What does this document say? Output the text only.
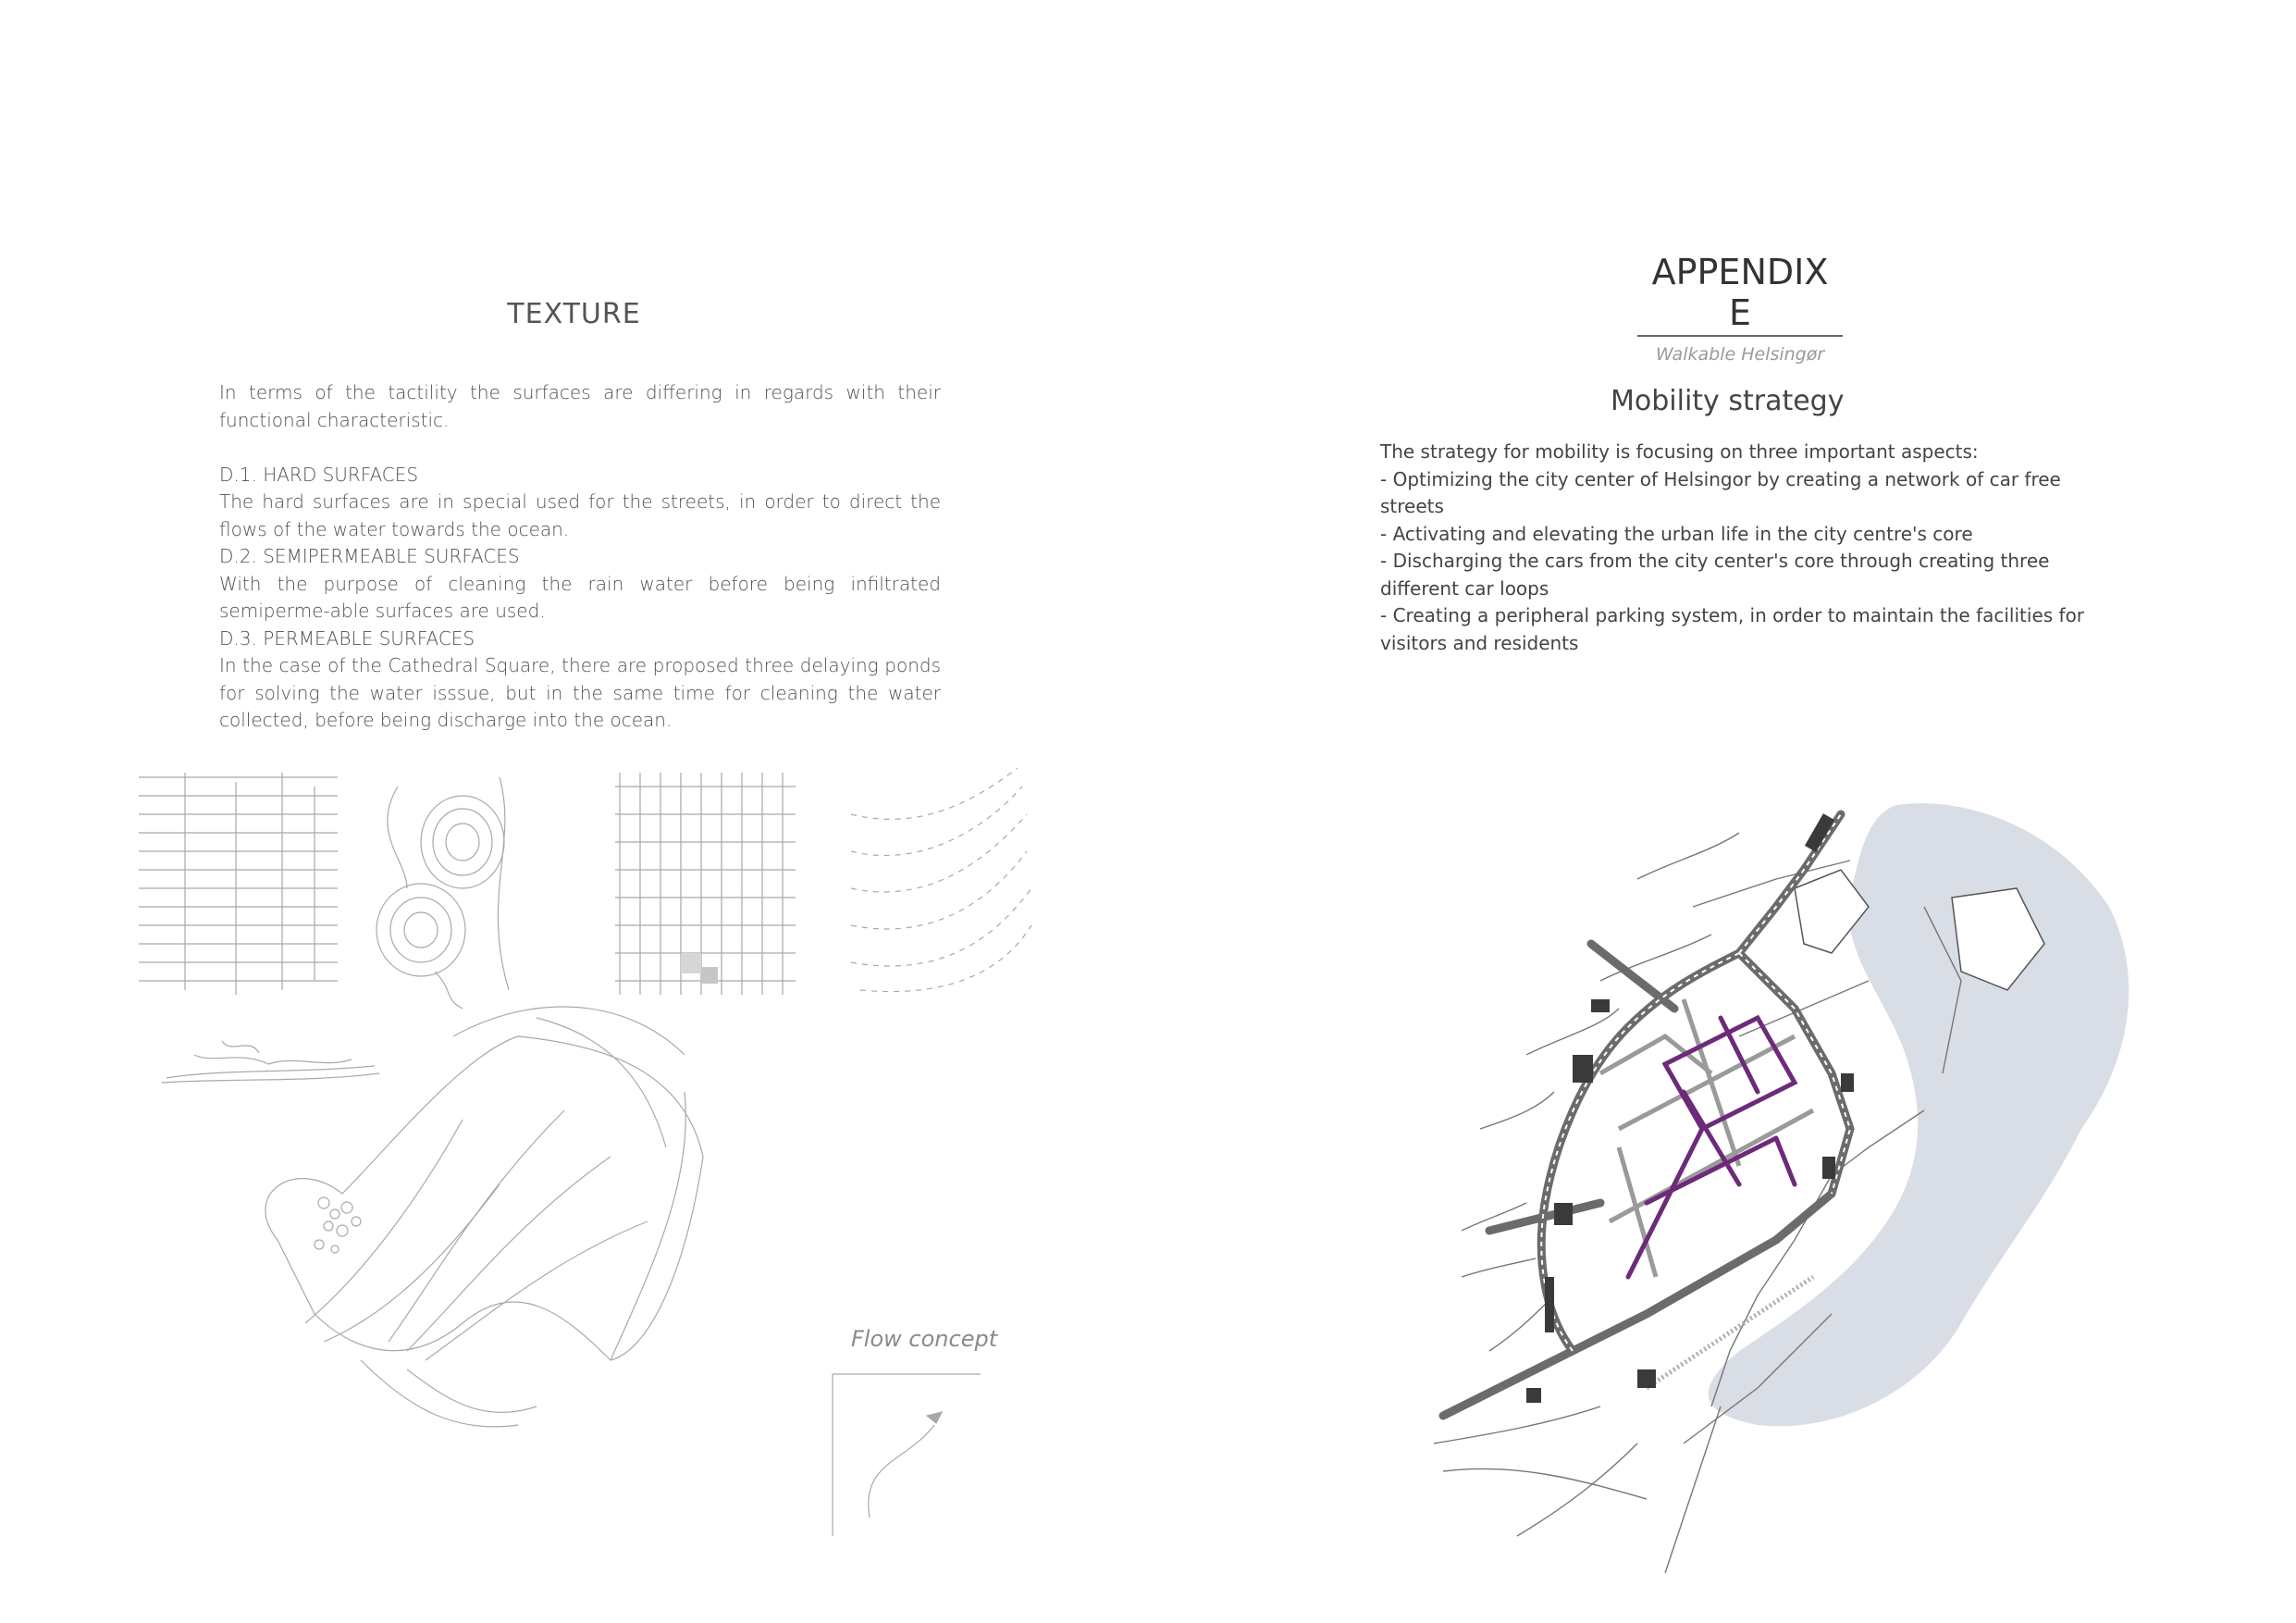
TEXTURE

In terms of the tactility the surfaces are differing in regards with their functional characteristic.

D.1. HARD SURFACES

The hard surfaces are in special used for the streets, in order to direct the flows of the water towards the ocean.

D.2. SEMIPERMEABLE SURFACES

With the purpose of cleaning the rain water before being infiltrated semiperme-able surfaces are used.

D.3. PERMEABLE SURFACES

In the case of the Cathedral Square, there are proposed three delaying ponds for solving the water isssue, but in the same time for cleaning the water collected, before being discharge into the ocean.

Flow concept
APPENDIX E
Walkable Helsingør
Mobility strategy

The strategy for mobility is focusing on three important aspects:

- Optimizing the city center of Helsingor by creating a network of car free streets

- Activating and elevating the urban life in the city centre's core

- Discharging the cars from the city center's core through creating three different car loops

- Creating a peripheral parking system, in order to maintain the facilities for visitors and residents
